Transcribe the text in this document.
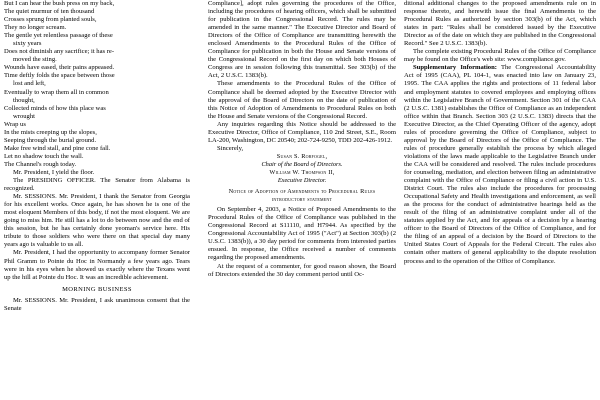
But I can hear the bush press on my back,

The quiet murmur of ten thousand

Crosses sprung from planted souls,

They no longer scream.

The gentle yet relentless passage of these

sixty years

Does not diminish any sacrifice; it has re-

moved the sting.

Wounds have eased, their pains appeased.

Time deftly folds the space between those

lost and left,

Eventually to wrap them all in common

thought,

Collected minds of how this place was

wrought

Wrap us

In the mists creeping up the slopes,

Seeping through the burial ground.

Make free wind stall, and pine cone fall.

Let no shadow touch the wall.

The Channel's rough today.

Mr. President, I yield the floor.

The PRESIDING OFFICER. The Senator from Alabama is recognized.

Mr. SESSIONS. Mr. President, I thank the Senator from Georgia for his excellent works. Once again, he has shown he is one of the most eloquent Members of this body, if not the most eloquent. We are going to miss him. He still has a lot to do between now and the end of this session, but he has certainly done yeoman's service here. His tribute to those soldiers who were there on that special day many years ago is valuable to us all.

Mr. President, I had the opportunity to accompany former Senator Phil Gramm to Pointe du Hoc in Normandy a few years ago. Tears were in his eyes when he showed us exactly where the Texans went up the hill at Pointe du Hoc. It was an incredible achievement.

MORNING BUSINESS

Mr. SESSIONS. Mr. President, I ask unanimous consent that the Senate

Compliance], adopt rules governing the procedures of the Office, including the procedures of hearing officers, which shall be submitted for publication in the Congressional Record. The rules may be amended in the same manner." The Executive Director and Board of Directors of the Office of Compliance are transmitting herewith the enclosed Amendments to the Procedural Rules of the Office of Compliance for publication in both the House and Senate versions of the Congressional Record on the first day on which both Houses of Congress are in session following this transmittal. See 303(b) of the Act, 2 U.S.C. 1383(b).

These amendments to the Procedural Rules of the Office of Compliance shall be deemed adopted by the Executive Director with the approval of the Board of Directors on the date of publication of this Notice of Adoption of Amendments to Procedural Rules on both the House and Senate versions of the Congressional Record.

Any inquiries regarding this Notice should be addressed to the Executive Director, Office of Compliance, 110 2nd Street, S.E., Room LA-200, Washington, DC 20540; 202-724-9250, TDD 202-426-1912.

Sincerely,

Susan S. Robfogel,
Chair of the Board of Directors.
William W. Thompson II,
Executive Director.
Notice of Adoption of Amendments to Procedural Rules
introductory statement

On September 4, 2003, a Notice of Proposed Amendments to the Procedural Rules of the Office of Compliance was published in the Congressional Record at S11110, and H7944. As specified by the Congressional Accountability Act of 1995 ("Act") at Section 303(b) (2 U.S.C. 1383(b)), a 30 day period for comments from interested parties ensued. In response, the Office received a number of comments regarding the proposed amendments.

At the request of a commenter, for good reason shown, the Board of Directors extended the 30 day comment period until Oc-

ditional additional changes to the proposed amendments rule on in response thereto, and herewith issue the final Amendments to the Procedural Rules as authorized by section 303(b) of the Act, which states in part: "Rules shall be considered issued by the Executive Director as of the date on which they are published in the Congressional Record." See 2 U.S.C. 1383(b).

The complete existing Procedural Rules of the Office of Compliance may be found on the Office's web site: www.compliance.gov.

Supplementary Information: The Congressional Accountability Act of 1995 (CAA), PL 104-1, was enacted into law on January 23, 1995. The CAA applies the rights and protections of 11 federal labor and employment statutes to covered employees and employing offices within the Legislative Branch of Government. Section 301 of the CAA (2 U.S.C. 1381) establishes the Office of Compliance as an independent office within that Branch. Section 303 (2 U.S.C. 1383) directs that the Executive Director, as the Chief Operating Officer of the agency, adopt rules of procedure governing the Office of Compliance, subject to approval by the Board of Directors of the Office of Compliance. The rules of procedure generally establish the process by which alleged violations of the laws made applicable to the Legislative Branch under the CAA will be considered and resolved. The rules include procedures for counseling, mediation, and election between filing an administrative complaint with the Office of Compliance or filing a civil action in U.S. District Court. The rules also include the procedures for processing Occupational Safety and Health investigations and enforcement, as well as the process for the conduct of administrative hearings held as the result of the filing of an administrative complaint under all of the statutes applied by the Act, and for appeals of a decision by a hearing officer to the Board of Directors of the Office of Compliance, and for the filing of an appeal of a decision by the Board of Directors to the United States Court of Appeals for the Federal Circuit. The rules also contain other matters of general applicability to the dispute resolution process and to the operation of the Office of Compliance.
